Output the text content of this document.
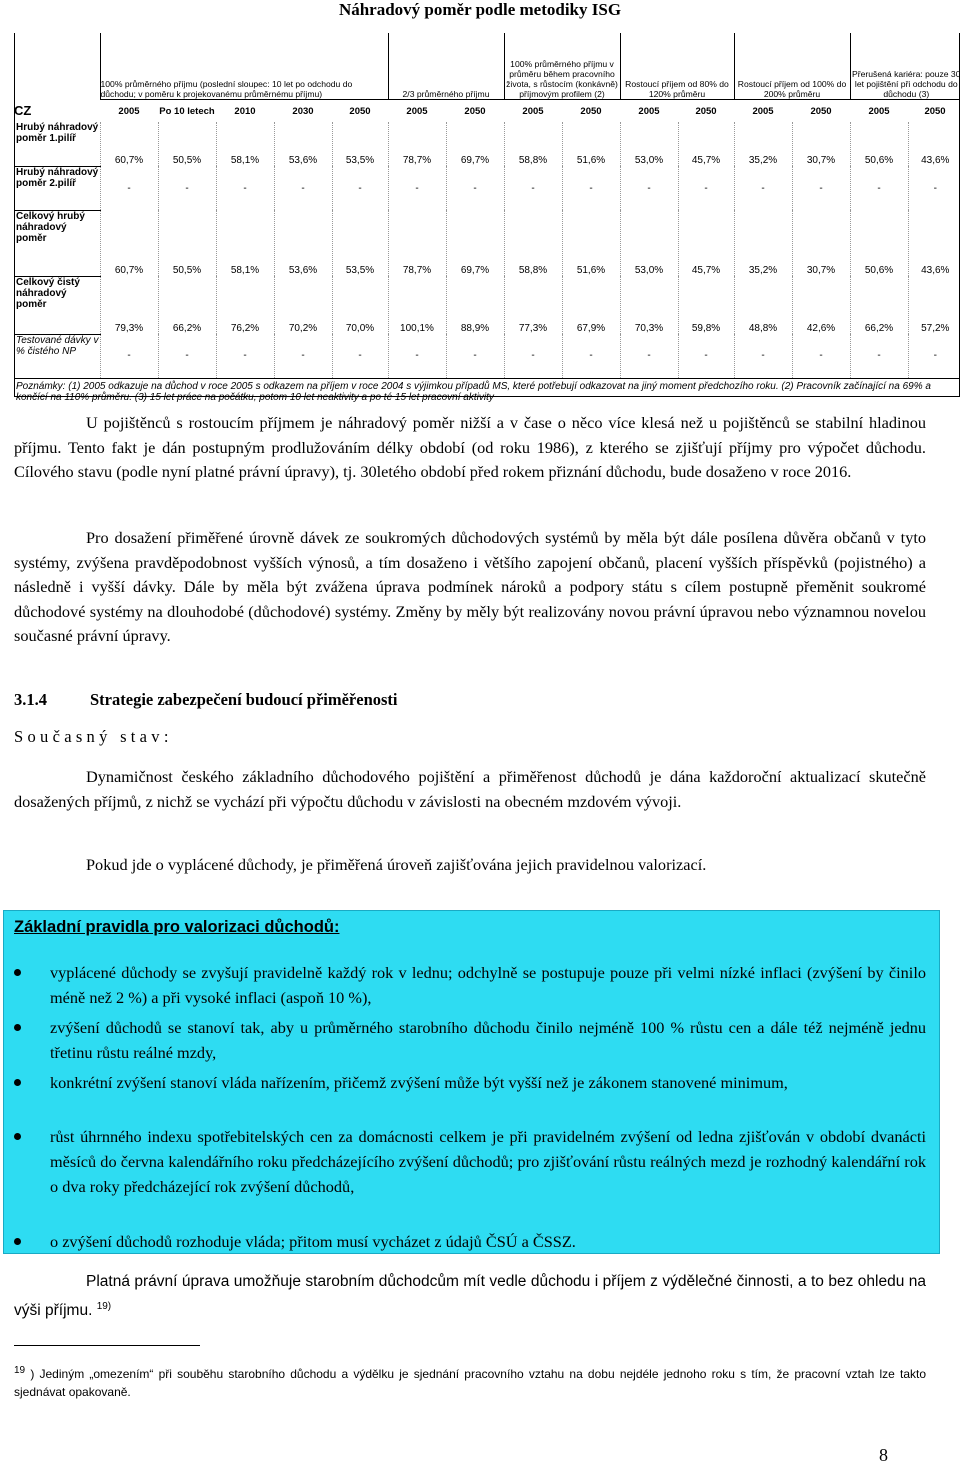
Náhradový poměr podle metodiky ISG
	100% průměrného příjmu (poslední sloupec: 10 let po odchodu do důchodu; v poměru k projekovanému průměrnému příjmu)					2/3 průměrného příjmu		100% průměrného příjmu v průměru během pracovního života, s růstocím (konkávně) příjmovým profilem (2)		Rostoucí příjem od 80% do 120% průměru		Rostoucí příjem od 100% do 200% průměru		Přerušená kariéra: pouze 30 let pojištění při odchodu do důchodu (3)	
CZ	2005	Po 10 letech	2010	2030	2050	2005	2050	2005	2050	2005	2050	2005	2050	2005	2050
Hrubý náhradový poměr 1.pilíř	60,7%	50,5%	58,1%	53,6%	53,5%	78,7%	69,7%	58,8%	51,6%	53,0%	45,7%	35,2%	30,7%	50,6%	43,6%
Hrubý náhradový poměr 2.pilíř	-	-	-	-	-	-	-	-	-	-	-	-	-	-	-
Celkový hrubý náhradový poměr	60,7%	50,5%	58,1%	53,6%	53,5%	78,7%	69,7%	58,8%	51,6%	53,0%	45,7%	35,2%	30,7%	50,6%	43,6%
Celkový čistý náhradový poměr	79,3%	66,2%	76,2%	70,2%	70,0%	100,1%	88,9%	77,3%	67,9%	70,3%	59,8%	48,8%	42,6%	66,2%	57,2%
Testované dávky v % čistého NP	-	-	-	-	-	-	-	-	-	-	-	-	-	-	-
Poznámky: (1) 2005 odkazuje na důchod v roce 2005 s odkazem na příjem v roce 2004 s výjimkou případů MS, které potřebují odkazovat na jiný moment předchozího roku. (2) Pracovník začínající na 69% a končící na 110% průměru. (3) 15 let práce na počátku, potom 10 let neaktivity a po té 15 let pracovní aktivity															
U pojištěnců s rostoucím příjmem je náhradový poměr nižší a v čase o něco více klesá než u pojištěnců se stabilní hladinou příjmu. Tento fakt je dán postupným prodlužováním délky období (od roku 1986), z kterého se zjišťují příjmy pro výpočet důchodu. Cílového stavu (podle nyní platné právní úpravy), tj. 30letého období před rokem přiznání důchodu, bude dosaženo v roce 2016.
Pro dosažení přiměřené úrovně dávek ze soukromých důchodových systémů by měla být dále posílena důvěra občanů v tyto systémy, zvýšena pravděpodobnost vyšších výnosů, a tím dosaženo i většího zapojení občanů, placení vyšších příspěvků (pojistného) a následně i vyšší dávky. Dále by měla být zvážena úprava podmínek nároků a podpory státu s cílem postupně přeměnit soukromé důchodové systémy na dlouhodobé (důchodové) systémy. Změny by měly být realizovány novou právní úpravou nebo významnou novelou současné právní úpravy.
3.1.4	Strategie zabezpečení budoucí přiměřenosti
Současný stav:
Dynamičnost českého základního důchodového pojištění a přiměřenost důchodů je dána každoroční aktualizací skutečně dosažených příjmů, z nichž se vychází při výpočtu důchodu v závislosti na obecném mzdovém vývoji.
Pokud jde o vyplácené důchody, je přiměřená úroveň zajišťována jejich pravidelnou valorizací.
Základní pravidla pro valorizaci důchodů:
vyplácené důchody se zvyšují pravidelně každý rok v lednu; odchylně se postupuje pouze při velmi nízké inflaci (zvýšení by činilo méně než 2 %) a při vysoké inflaci (aspoň 10 %),
zvýšení důchodů se stanoví tak, aby u průměrného starobního důchodu činilo nejméně 100 % růstu cen a dále též nejméně jednu třetinu růstu reálné mzdy,
konkrétní zvýšení stanoví vláda nařízením, přičemž zvýšení může být vyšší než je zákonem stanovené minimum,
růst úhrnného indexu spotřebitelských cen za domácnosti celkem je při pravidelném zvýšení od ledna zjišťován v období dvanácti měsíců do června kalendářního roku předcházejícího zvýšení důchodů; pro zjišťování růstu reálných mezd je rozhodný kalendářní rok o dva roky předcházející rok zvýšení důchodů,
o zvýšení důchodů rozhoduje vláda; přitom musí vycházet z údajů ČSÚ a ČSSZ.
Platná právní úprava umožňuje starobním důchodcům mít vedle důchodu i příjem z výdělečné činnosti, a to bez ohledu na výši příjmu. $^{19)}$
$^{19}$ ) Jediným „omezením“ při souběhu starobního důchodu a výdělku je sjednání pracovního vztahu na dobu nejdéle jednoho roku s tím, že pracovní vztah lze takto sjednávat opakovaně.
8
